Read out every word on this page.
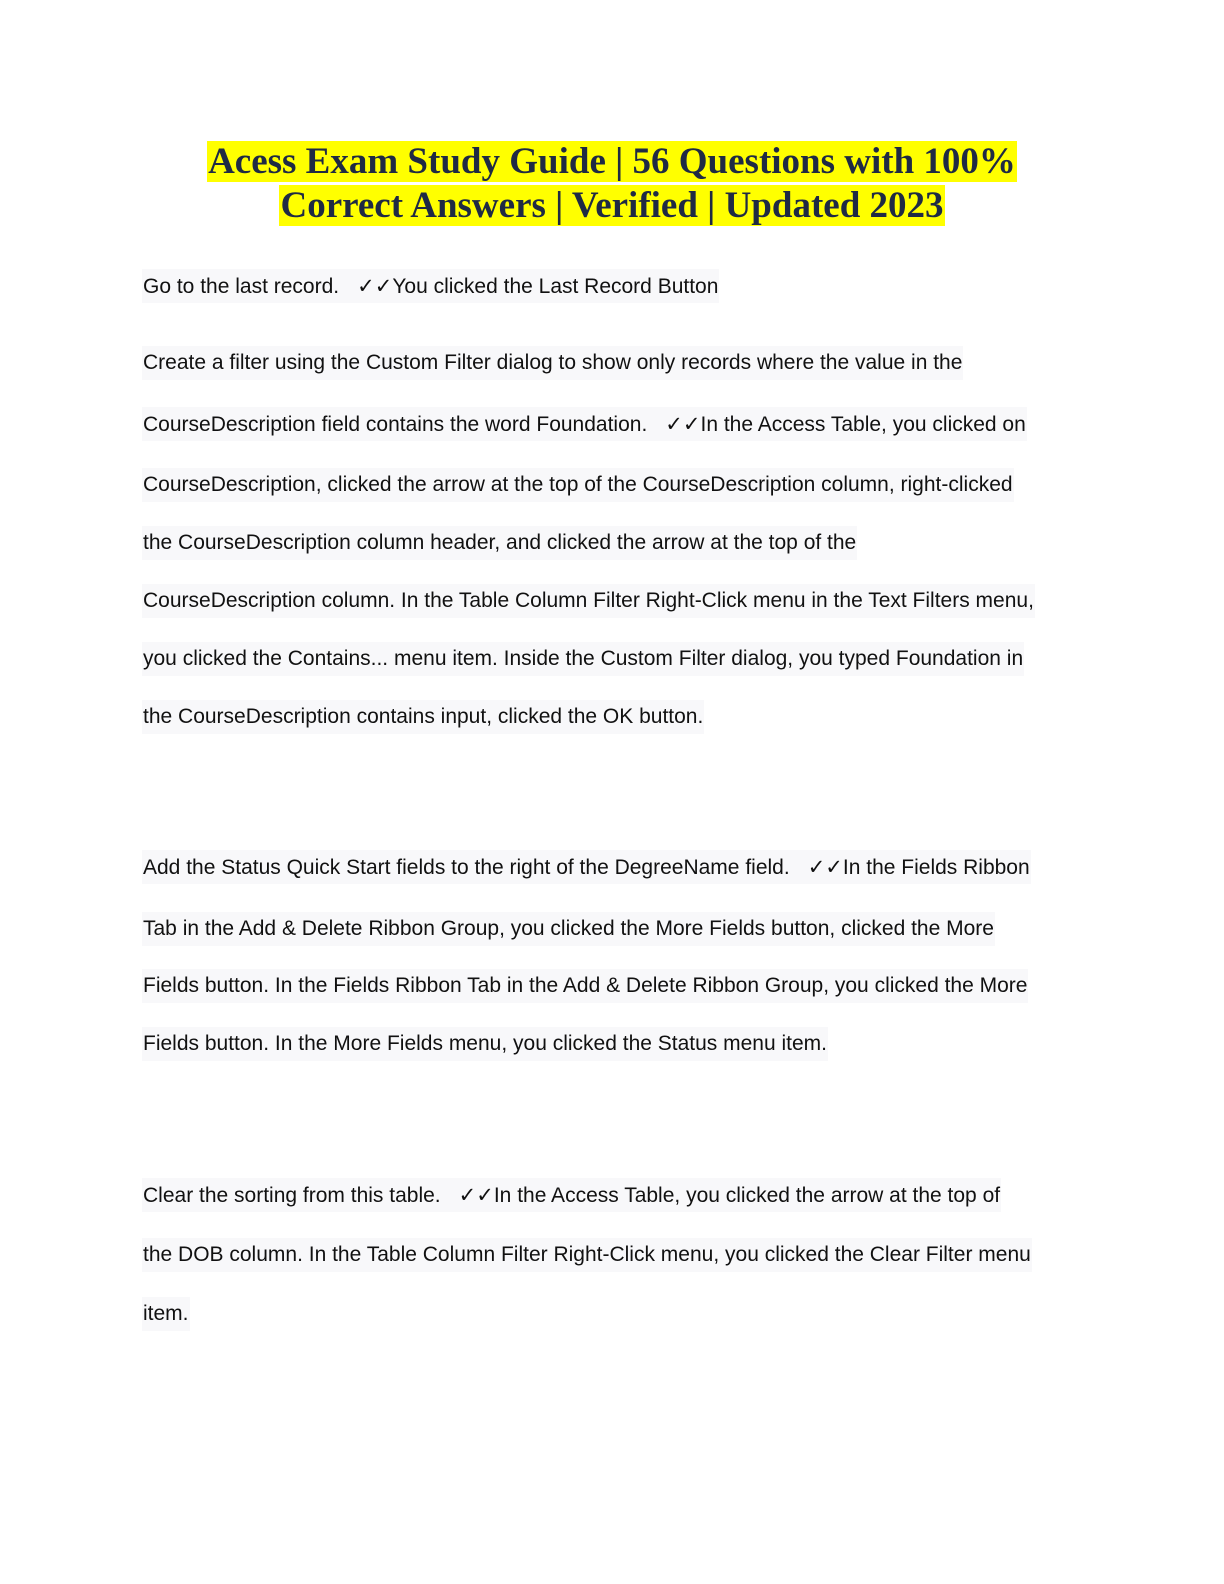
Acess Exam Study Guide | 56 Questions with 100%
Correct Answers | Verified | Updated 2023
Go to the last record. ✓✓You clicked the Last Record Button
Create a filter using the Custom Filter dialog to show only records where the value in the
CourseDescription field contains the word Foundation. ✓✓In the Access Table, you clicked on
CourseDescription, clicked the arrow at the top of the CourseDescription column, right-clicked
the CourseDescription column header, and clicked the arrow at the top of the
CourseDescription column. In the Table Column Filter Right-Click menu in the Text Filters menu,
you clicked the Contains... menu item. Inside the Custom Filter dialog, you typed Foundation in
the CourseDescription contains input, clicked the OK button.
Add the Status Quick Start fields to the right of the DegreeName field. ✓✓In the Fields Ribbon
Tab in the Add & Delete Ribbon Group, you clicked the More Fields button, clicked the More
Fields button. In the Fields Ribbon Tab in the Add & Delete Ribbon Group, you clicked the More
Fields button. In the More Fields menu, you clicked the Status menu item.
Clear the sorting from this table. ✓✓In the Access Table, you clicked the arrow at the top of
the DOB column. In the Table Column Filter Right-Click menu, you clicked the Clear Filter menu
item.
